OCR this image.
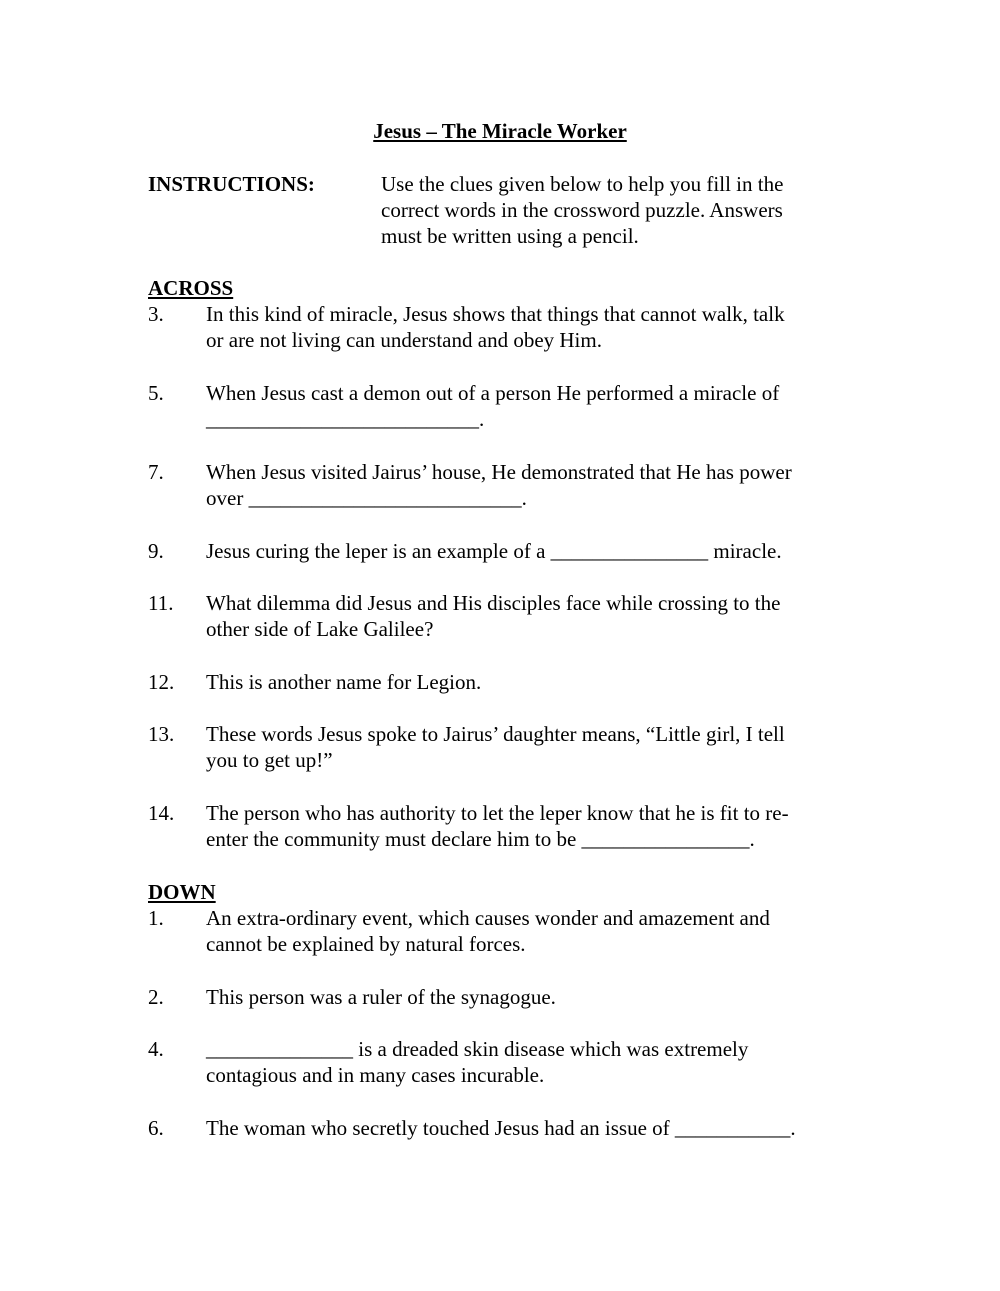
Jesus – The Miracle Worker
INSTRUCTIONS:	Use the clues given below to help you fill in the
correct words in the crossword puzzle. Answers
must be written using a pencil.
ACROSS
3. In this kind of miracle, Jesus shows that things that cannot walk, talk
or are not living can understand and obey Him.
5. When Jesus cast a demon out of a person He performed a miracle of
__________________________.
7. When Jesus visited Jairus’ house, He demonstrated that He has power
over __________________________.
9. Jesus curing the leper is an example of a _______________ miracle.
11. What dilemma did Jesus and His disciples face while crossing to the
other side of Lake Galilee?
12. This is another name for Legion.
13. These words Jesus spoke to Jairus’ daughter means, “Little girl, I tell
you to get up!”
14. The person who has authority to let the leper know that he is fit to re-
enter the community must declare him to be ________________.
DOWN
1. An extra-ordinary event, which causes wonder and amazement and
cannot be explained by natural forces.
2. This person was a ruler of the synagogue.
4. ______________ is a dreaded skin disease which was extremely
contagious and in many cases incurable.
6. The woman who secretly touched Jesus had an issue of ___________.
